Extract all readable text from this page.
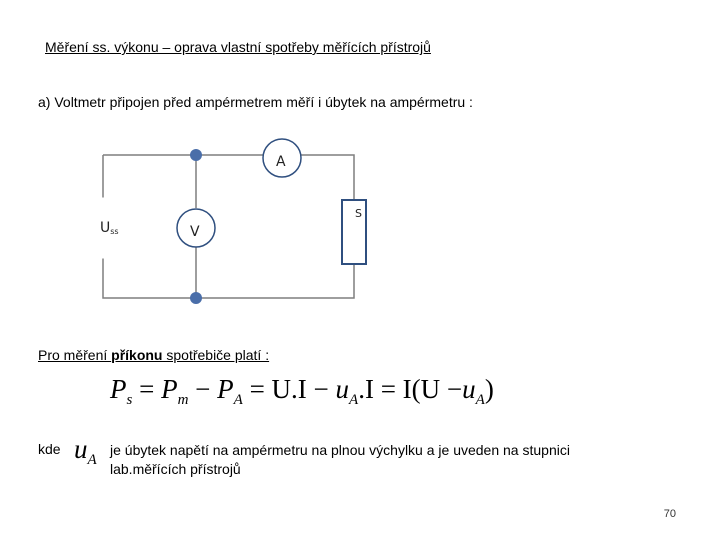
Měření ss. výkonu – oprava vlastní spotřeby měřících přístrojů
a) Voltmetr připojen před ampérmetrem měří i úbytek na ampérmetru :
Uss	V
A
S
Pro měření příkonu spotřebiče platí :
$P_s = P_m - P_A = U.I - u_A.I = I(U -u_A)$
kde $u_A$
je úbytek napětí na ampérmetru na plnou výchylku a je uveden na stupnici
lab.měřících přístrojů
70
